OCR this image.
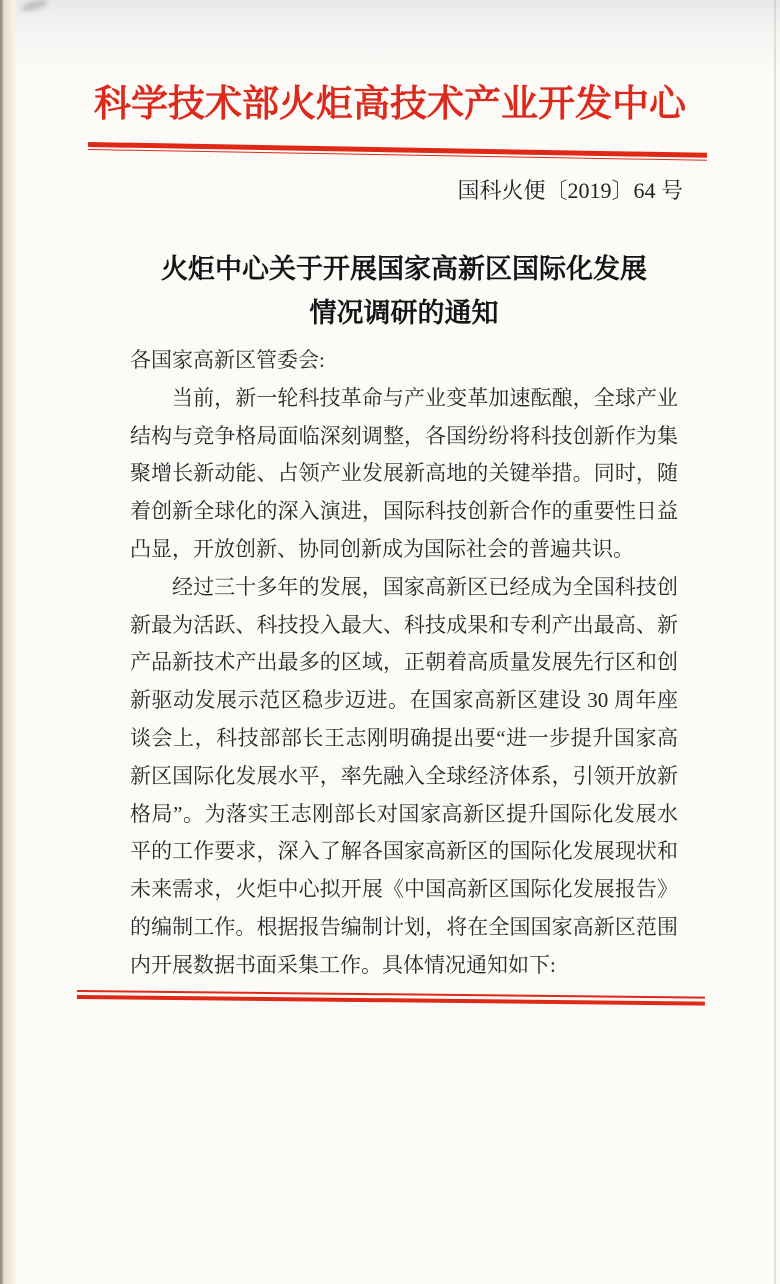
科学技术部火炬高技术产业开发中心
国科火便〔2019〕64 号
火炬中心关于开展国家高新区国际化发展
情况调研的通知
各国家高新区管委会:
当前，新一轮科技革命与产业变革加速酝酿，全球产业
结构与竞争格局面临深刻调整，各国纷纷将科技创新作为集
聚增长新动能、占领产业发展新高地的关键举措。同时，随
着创新全球化的深入演进，国际科技创新合作的重要性日益
凸显，开放创新、协同创新成为国际社会的普遍共识。
经过三十多年的发展，国家高新区已经成为全国科技创
新最为活跃、科技投入最大、科技成果和专利产出最高、新
产品新技术产出最多的区域，正朝着高质量发展先行区和创
新驱动发展示范区稳步迈进。在国家高新区建设 30 周年座
谈会上，科技部部长王志刚明确提出要“进一步提升国家高
新区国际化发展水平，率先融入全球经济体系，引领开放新
格局”。为落实王志刚部长对国家高新区提升国际化发展水
平的工作要求，深入了解各国家高新区的国际化发展现状和
未来需求，火炬中心拟开展《中国高新区国际化发展报告》
的编制工作。根据报告编制计划，将在全国国家高新区范围
内开展数据书面采集工作。具体情况通知如下:
